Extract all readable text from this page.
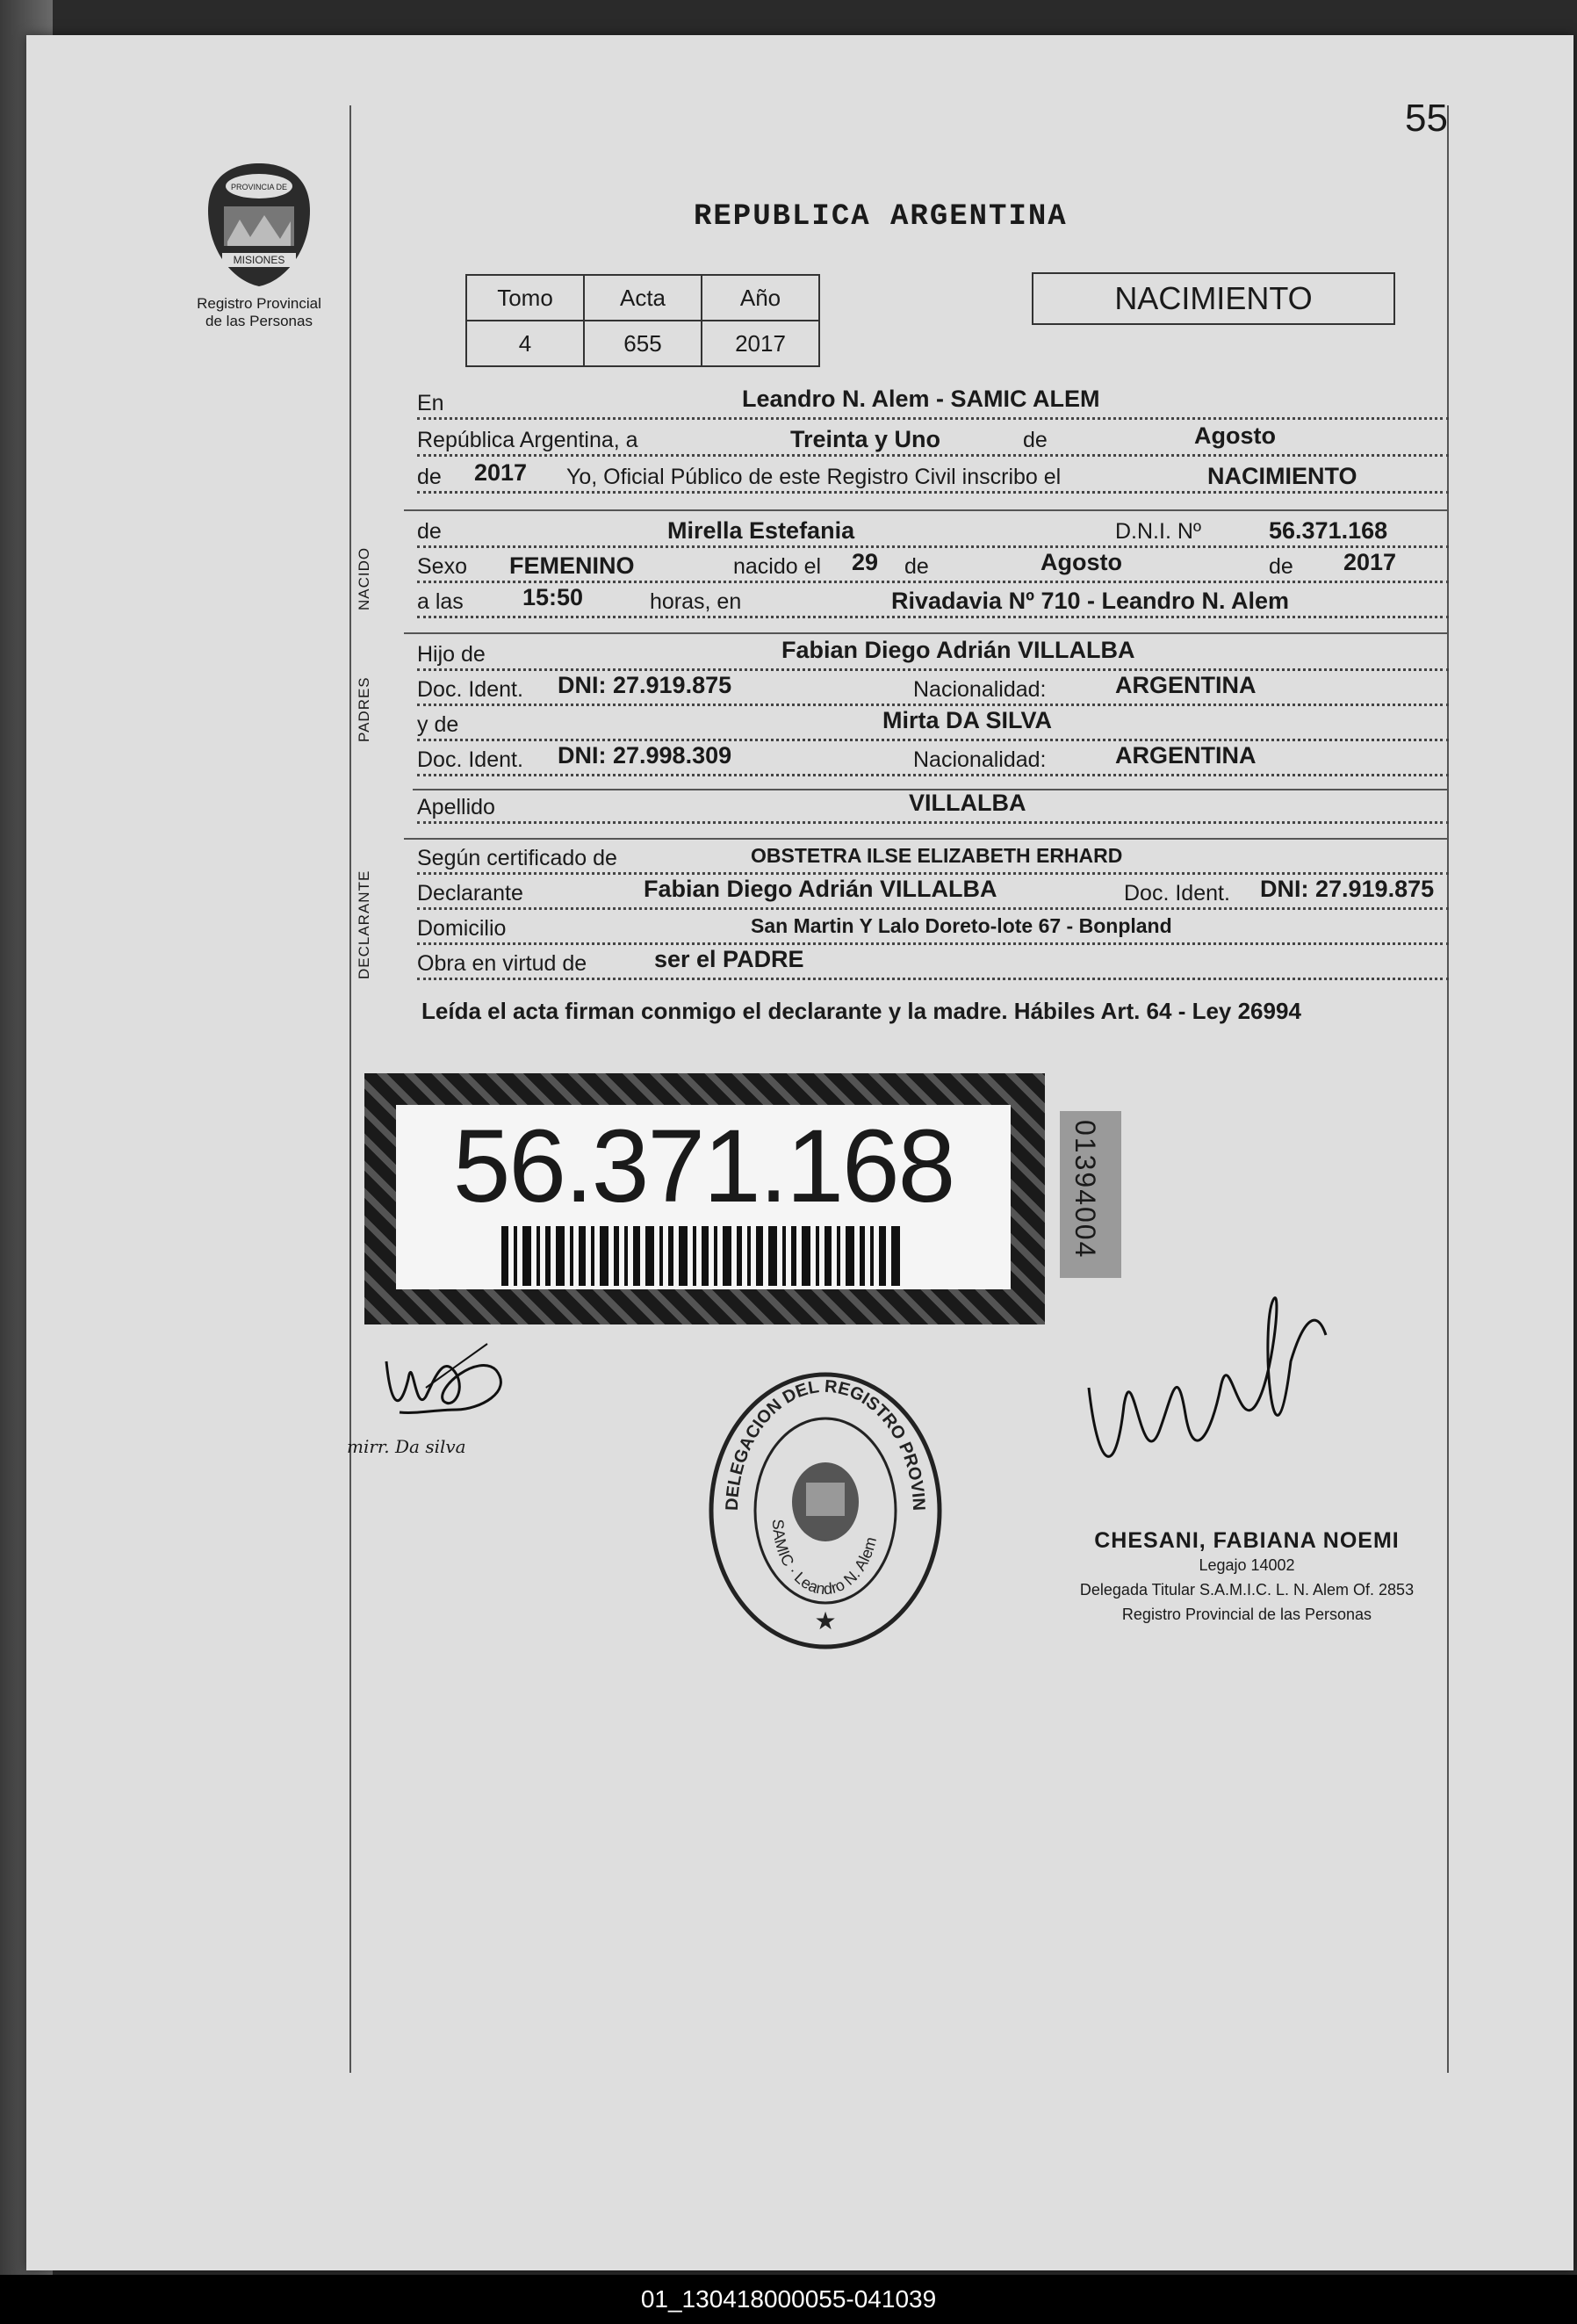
55
PROVINCIA DE
MISIONES
Registro Provincial
de las Personas
REPUBLICA ARGENTINA
Tomo	Acta	Año
4	655	2017
NACIMIENTO
En	Leandro N. Alem - SAMIC ALEM
República Argentina, a	Treinta y Uno	de	Agosto
de 2017 Yo, Oficial Público de este Registro Civil inscribo el	NACIMIENTO
NACIDO
de	Mirella Estefania	D.N.I. Nº	56.371.168
Sexo FEMENINO	nacido el 29 de	Agosto	de 2017
a las 15:50	horas, en	Rivadavia Nº 710 - Leandro N. Alem
PADRES
Hijo de	Fabian Diego Adrián VILLALBA
Doc. Ident. DNI: 27.919.875	Nacionalidad:	ARGENTINA
y de	Mirta DA SILVA
Doc. Ident. DNI: 27.998.309	Nacionalidad:	ARGENTINA
Apellido	VILLALBA
DECLARANTE
Según certificado de	OBSTETRA ILSE ELIZABETH ERHARD
Declarante	Fabian Diego Adrián VILLALBA	Doc. Ident. DNI: 27.919.875
Domicilio	San Martin Y Lalo Doreto-lote 67 - Bonpland
Obra en virtud de	ser el PADRE
Leída el acta firman conmigo el declarante y la madre. Hábiles Art. 64 - Ley 26994
56.371.168	01394004
mirr. Da silva
DELEGACION DEL REGISTRO PROVIN
SAMIC · Leandro N. Alem
★
CHESANI, FABIANA NOEMI
Legajo 14002
Delegada Titular S.A.M.I.C. L. N. Alem Of. 2853
Registro Provincial de las Personas
01_130418000055-041039
